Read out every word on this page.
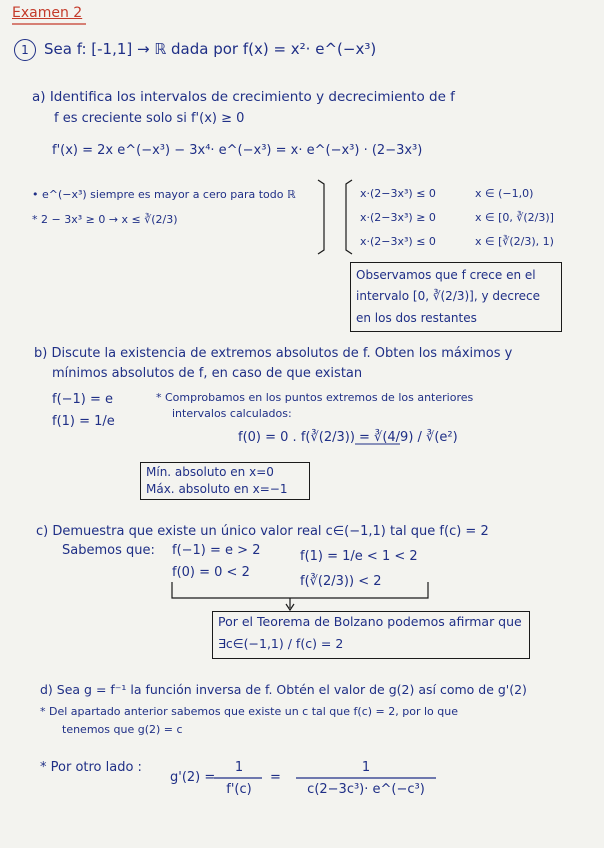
Examen 2
1	Sea f: [-1,1] → ℝ dada por f(x) = x²· e^(−x³)
a) Identifica los intervalos de crecimiento y decrecimiento de f
f es creciente solo si f'(x) ≥ 0
f'(x) = 2x e^(−x³) − 3x⁴· e^(−x³) = x· e^(−x³) · (2−3x³)
• e^(−x³) siempre es mayor a cero para todo ℝ
* 2 − 3x³ ≥ 0 → x ≤ ∛(2/3)
x·(2−3x³) ≤ 0	x ∈ (−1,0)
x·(2−3x³) ≥ 0	x ∈ [0, ∛(2/3)]
x·(2−3x³) ≤ 0	x ∈ [∛(2/3), 1)
Observamos que f crece en el
intervalo [0, ∛(2/3)], y decrece
en los dos restantes
b) Discute la existencia de extremos absolutos de f. Obten los máximos y
mínimos absolutos de f, en caso de que existan
f(−1) = e
f(1) = 1/e
* Comprobamos en los puntos extremos de los anteriores
intervalos calculados:
f(0) = 0 . f(∛(2/3)) = ∛(4/9) / ∛(e²)
Mín. absoluto en x=0
Máx. absoluto en x=−1
c) Demuestra que existe un único valor real c∈(−1,1) tal que f(c) = 2
Sabemos que: f(−1) = e > 2
f(0) = 0 < 2
f(1) = 1/e < 1 < 2
f(∛(2/3)) < 2
Por el Teorema de Bolzano podemos afirmar que
∃c∈(−1,1) / f(c) = 2
d) Sea g = f⁻¹ la función inversa de f. Obtén el valor de g(2) así como de g'(2)
* Del apartado anterior sabemos que existe un c tal que f(c) = 2, por lo que
tenemos que g(2) = c
* Por otro lado :
g'(2) =
1
f'(c)
=
1
c(2−3c³)· e^(−c³)
